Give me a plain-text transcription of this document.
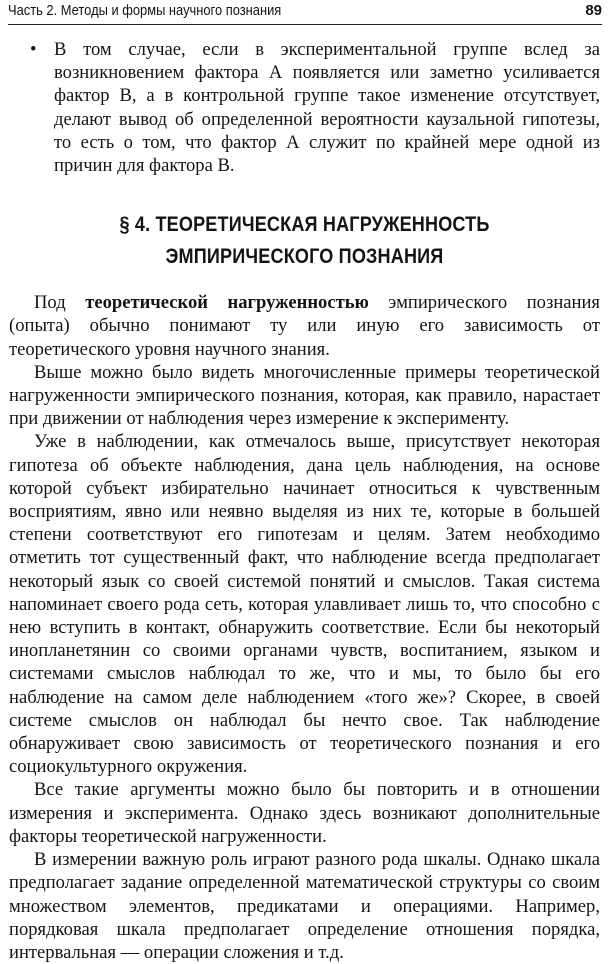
Часть 2. Методы и формы научного познания	89

• В том случае, если в экспериментальной группе вслед за возникновением фактора А появляется или заметно усиливается фактор В, а в контрольной группе такое изменение отсутствует, делают вывод об определенной вероятности каузальной гипотезы, то есть о том, что фактор А служит по крайней мере одной из причин для фактора В.

§ 4. ТЕОРЕТИЧЕСКАЯ НАГРУЖЕННОСТЬ
ЭМПИРИЧЕСКОГО ПОЗНАНИЯ

Под теоретической нагруженностью эмпирического познания (опыта) обычно понимают ту или иную его зависимость от теоретического уровня научного знания.

Выше можно было видеть многочисленные примеры теоретической нагруженности эмпирического познания, которая, как правило, нарастает при движении от наблюдения через измерение к эксперименту.

Уже в наблюдении, как отмечалось выше, присутствует некоторая гипотеза об объекте наблюдения, дана цель наблюдения, на основе которой субъект избирательно начинает относиться к чувственным восприятиям, явно или неявно выделяя из них те, которые в большей степени соответствуют его гипотезам и целям. Затем необходимо отметить тот существенный факт, что наблюдение всегда предполагает некоторый язык со своей системой понятий и смыслов. Такая система напоминает своего рода сеть, которая улавливает лишь то, что способно с нею вступить в контакт, обнаружить соответствие. Если бы некоторый инопланетянин со своими органами чувств, воспитанием, языком и системами смыслов наблюдал то же, что и мы, то было бы его наблюдение на самом деле наблюдением «того же»? Скорее, в своей системе смыслов он наблюдал бы нечто свое. Так наблюдение обнаруживает свою зависимость от теоретического познания и его социокультурного окружения.

Все такие аргументы можно было бы повторить и в отношении измерения и эксперимента. Однако здесь возникают дополнительные факторы теоретической нагруженности.

В измерении важную роль играют разного рода шкалы. Однако шкала предполагает задание определенной математической структуры со своим множеством элементов, предикатами и операциями. Например, порядковая шкала предполагает определение отношения порядка, интервальная — операции сложения и т.д.
